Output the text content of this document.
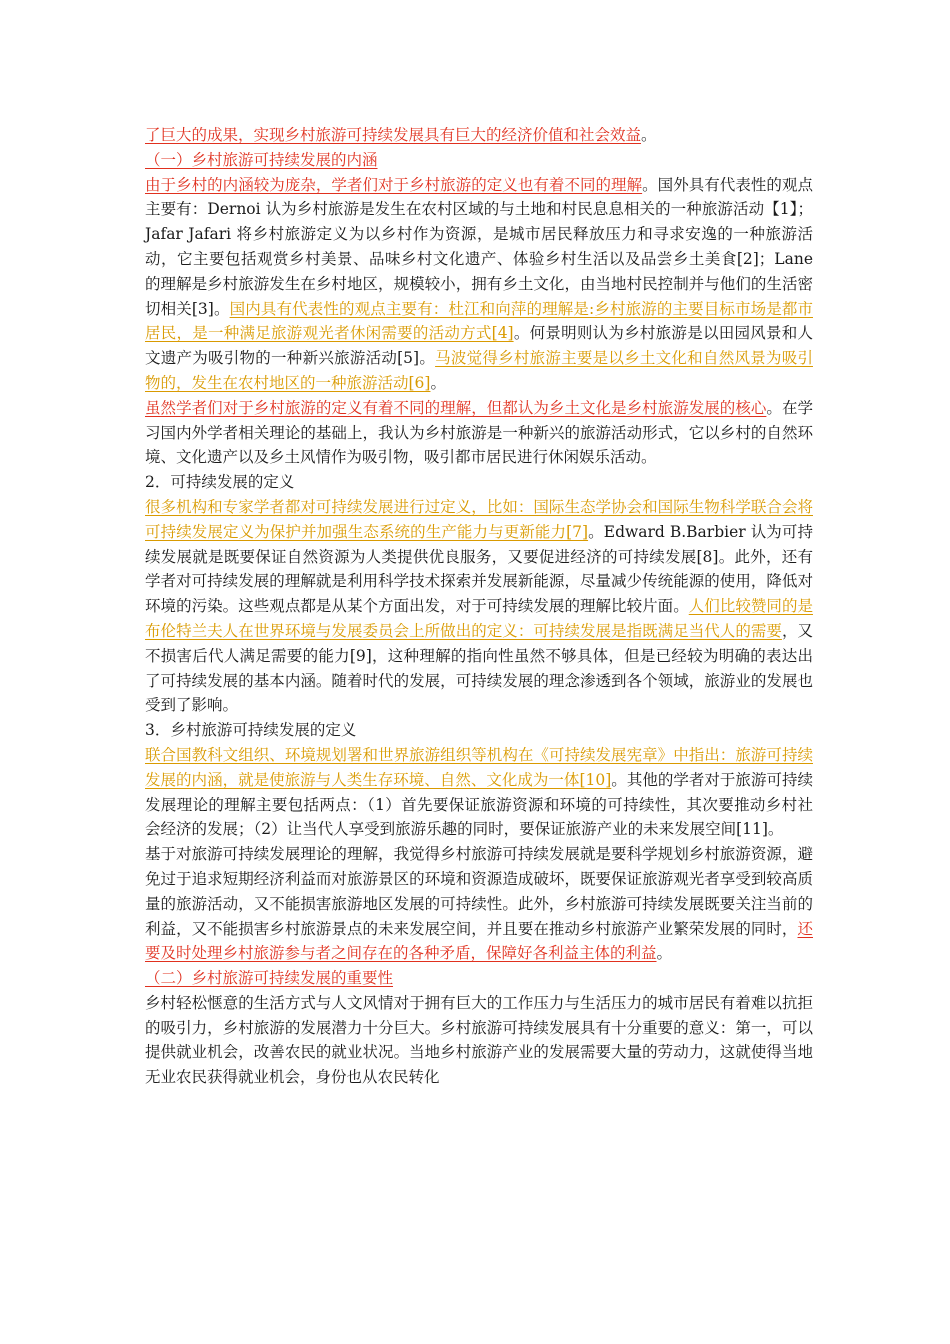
了巨大的成果，实现乡村旅游可持续发展具有巨大的经济价值和社会效益。

（一）乡村旅游可持续发展的内涵

由于乡村的内涵较为庞杂，学者们对于乡村旅游的定义也有着不同的理解。国外具有代表性的观点主要有：Dernoi 认为乡村旅游是发生在农村区域的与土地和村民息息相关的一种旅游活动【1】；Jafar Jafari 将乡村旅游定义为以乡村作为资源，是城市居民释放压力和寻求安逸的一种旅游活动，它主要包括观赏乡村美景、品味乡村文化遗产、体验乡村生活以及品尝乡土美食[2]；Lane 的理解是乡村旅游发生在乡村地区，规模较小，拥有乡土文化，由当地村民控制并与他们的生活密切相关[3]。国内具有代表性的观点主要有：杜江和向萍的理解是:乡村旅游的主要目标市场是都市居民，是一种满足旅游观光者休闲需要的活动方式[4]。何景明则认为乡村旅游是以田园风景和人文遗产为吸引物的一种新兴旅游活动[5]。马波觉得乡村旅游主要是以乡土文化和自然风景为吸引物的，发生在农村地区的一种旅游活动[6]。

虽然学者们对于乡村旅游的定义有着不同的理解，但都认为乡土文化是乡村旅游发展的核心。在学习国内外学者相关理论的基础上，我认为乡村旅游是一种新兴的旅游活动形式，它以乡村的自然环境、文化遗产以及乡土风情作为吸引物，吸引都市居民进行休闲娱乐活动。

2．可持续发展的定义

很多机构和专家学者都对可持续发展进行过定义，比如：国际生态学协会和国际生物科学联合会将可持续发展定义为保护并加强生态系统的生产能力与更新能力[7]。Edward B.Barbier 认为可持续发展就是既要保证自然资源为人类提供优良服务，又要促进经济的可持续发展[8]。此外，还有学者对可持续发展的理解就是利用科学技术探索并发展新能源，尽量减少传统能源的使用，降低对环境的污染。这些观点都是从某个方面出发，对于可持续发展的理解比较片面。人们比较赞同的是布伦特兰夫人在世界环境与发展委员会上所做出的定义：可持续发展是指既满足当代人的需要，又不损害后代人满足需要的能力[9]，这种理解的指向性虽然不够具体，但是已经较为明确的表达出了可持续发展的基本内涵。随着时代的发展，可持续发展的理念渗透到各个领域，旅游业的发展也受到了影响。

3．乡村旅游可持续发展的定义

联合国教科文组织、环境规划署和世界旅游组织等机构在《可持续发展宪章》中指出：旅游可持续发展的内涵，就是使旅游与人类生存环境、自然、文化成为一体[10]。其他的学者对于旅游可持续发展理论的理解主要包括两点：（1）首先要保证旅游资源和环境的可持续性，其次要推动乡村社会经济的发展；（2）让当代人享受到旅游乐趣的同时，要保证旅游产业的未来发展空间[11]。

基于对旅游可持续发展理论的理解，我觉得乡村旅游可持续发展就是要科学规划乡村旅游资源，避免过于追求短期经济利益而对旅游景区的环境和资源造成破坏，既要保证旅游观光者享受到较高质量的旅游活动，又不能损害旅游地区发展的可持续性。此外，乡村旅游可持续发展既要关注当前的利益，又不能损害乡村旅游景点的未来发展空间，并且要在推动乡村旅游产业繁荣发展的同时，还要及时处理乡村旅游参与者之间存在的各种矛盾，保障好各利益主体的利益。

（二）乡村旅游可持续发展的重要性

乡村轻松惬意的生活方式与人文风情对于拥有巨大的工作压力与生活压力的城市居民有着难以抗拒的吸引力，乡村旅游的发展潜力十分巨大。乡村旅游可持续发展具有十分重要的意义：第一，可以提供就业机会，改善农民的就业状况。当地乡村旅游产业的发展需要大量的劳动力，这就使得当地无业农民获得就业机会，身份也从农民转化
